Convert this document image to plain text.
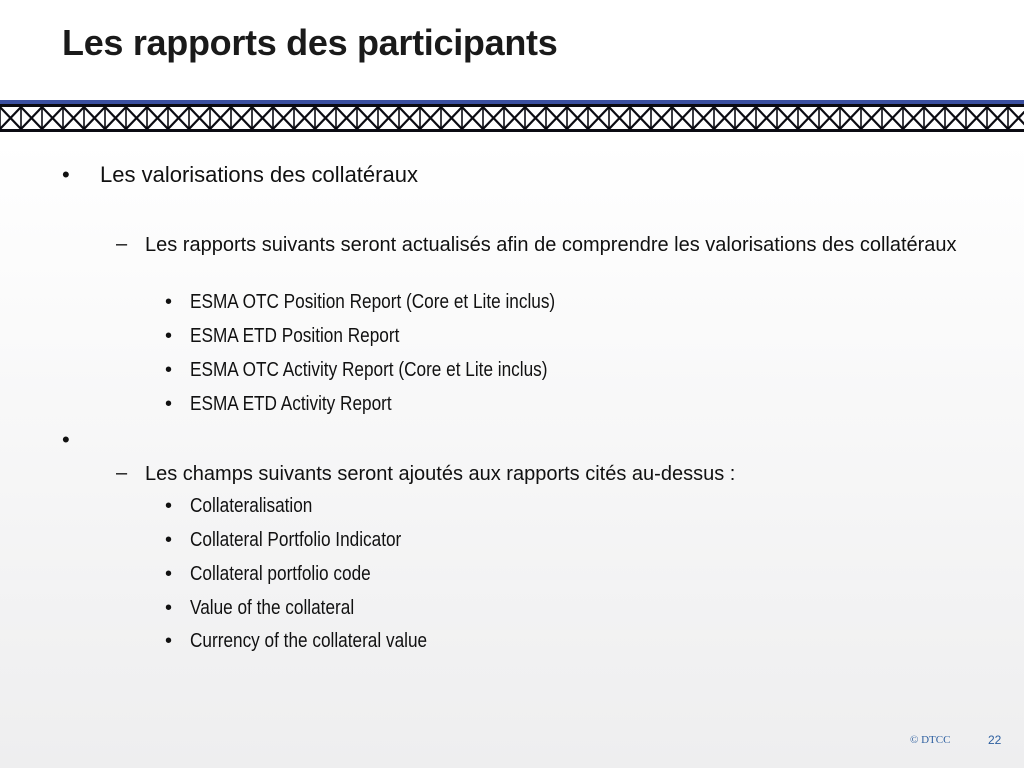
Les rapports des participants
• Les valorisations des collatéraux
– Les rapports suivants seront actualisés afin de comprendre les valorisations des collatéraux
• ESMA OTC Position Report (Core et Lite inclus)
• ESMA ETD Position Report
• ESMA OTC Activity Report (Core et Lite inclus)
• ESMA ETD Activity Report
•
– Les champs suivants seront ajoutés aux rapports cités au-dessus :
• Collateralisation
• Collateral Portfolio Indicator
• Collateral portfolio code
• Value of the collateral
• Currency of the collateral value
© DTCC	22
